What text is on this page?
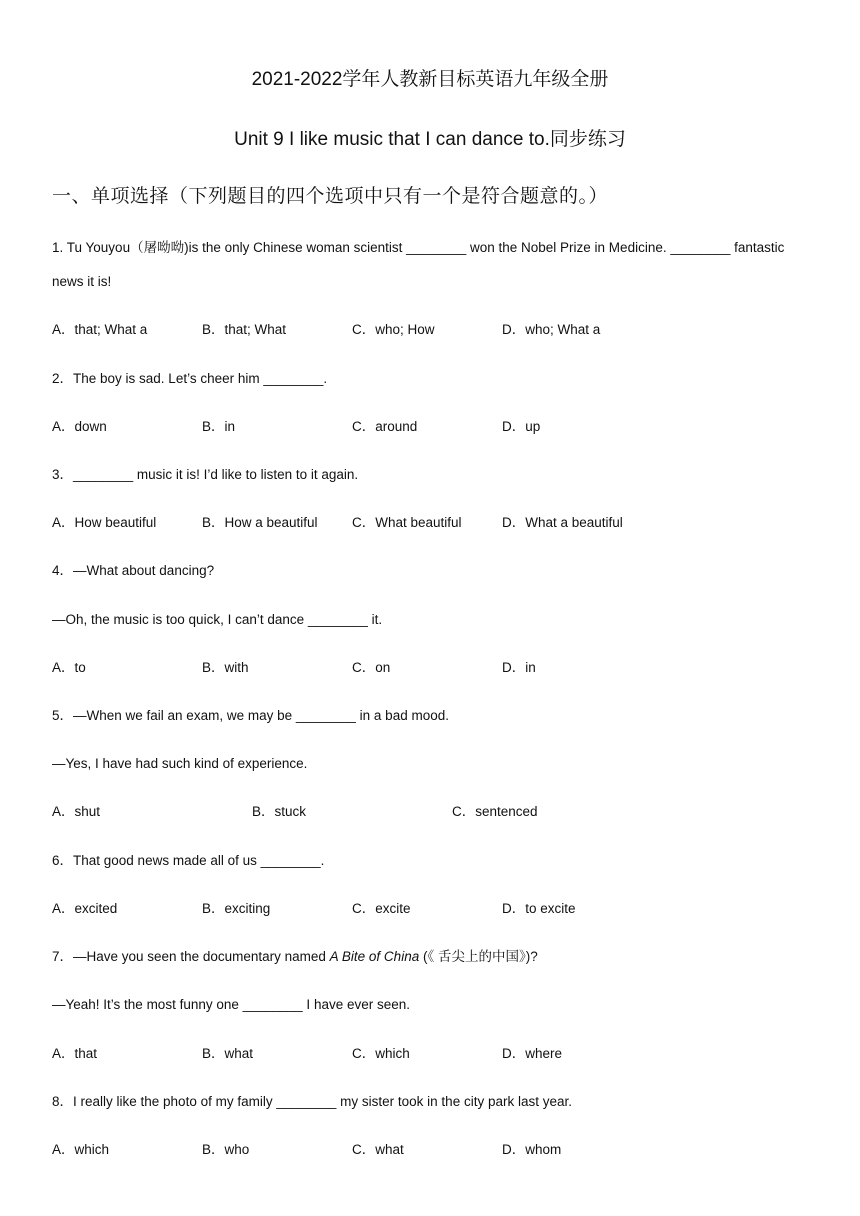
2021-2022学年人教新目标英语九年级全册
Unit 9 I like music that I can dance to.同步练习
一、单项选择（下列题目的四个选项中只有一个是符合题意的。）
1. Tu Youyou（屠呦呦)is the only Chinese woman scientist ________ won the Nobel Prize in Medicine. ________ fantastic
news it is!
A．that; What a	B．that; What	C．who; How	D．who; What a
2．The boy is sad. Let’s cheer him ________.
A．down	B．in	C．around	D．up
3．________ music it is! I’d like to listen to it again.
A．How beautiful	B．How a beautiful	C．What beautiful	D．What a beautiful
4．—What about dancing?
—Oh, the music is too quick, I can’t dance ________ it.
A．to	B．with	C．on	D．in
5．—When we fail an exam, we may be ________ in a bad mood.
—Yes, I have had such kind of experience.
A．shut	B．stuck	C．sentenced
6．That good news made all of us ________.
A．excited	B．exciting	C．excite	D．to excite
7．—Have you seen the documentary named A Bite of China (《 舌尖上的中国》)?
—Yeah! It’s the most funny one ________ I have ever seen.
A．that	B．what	C．which	D．where
8．I really like the photo of my family ________ my sister took in the city park last year.
A．which	B．who	C．what	D．whom
